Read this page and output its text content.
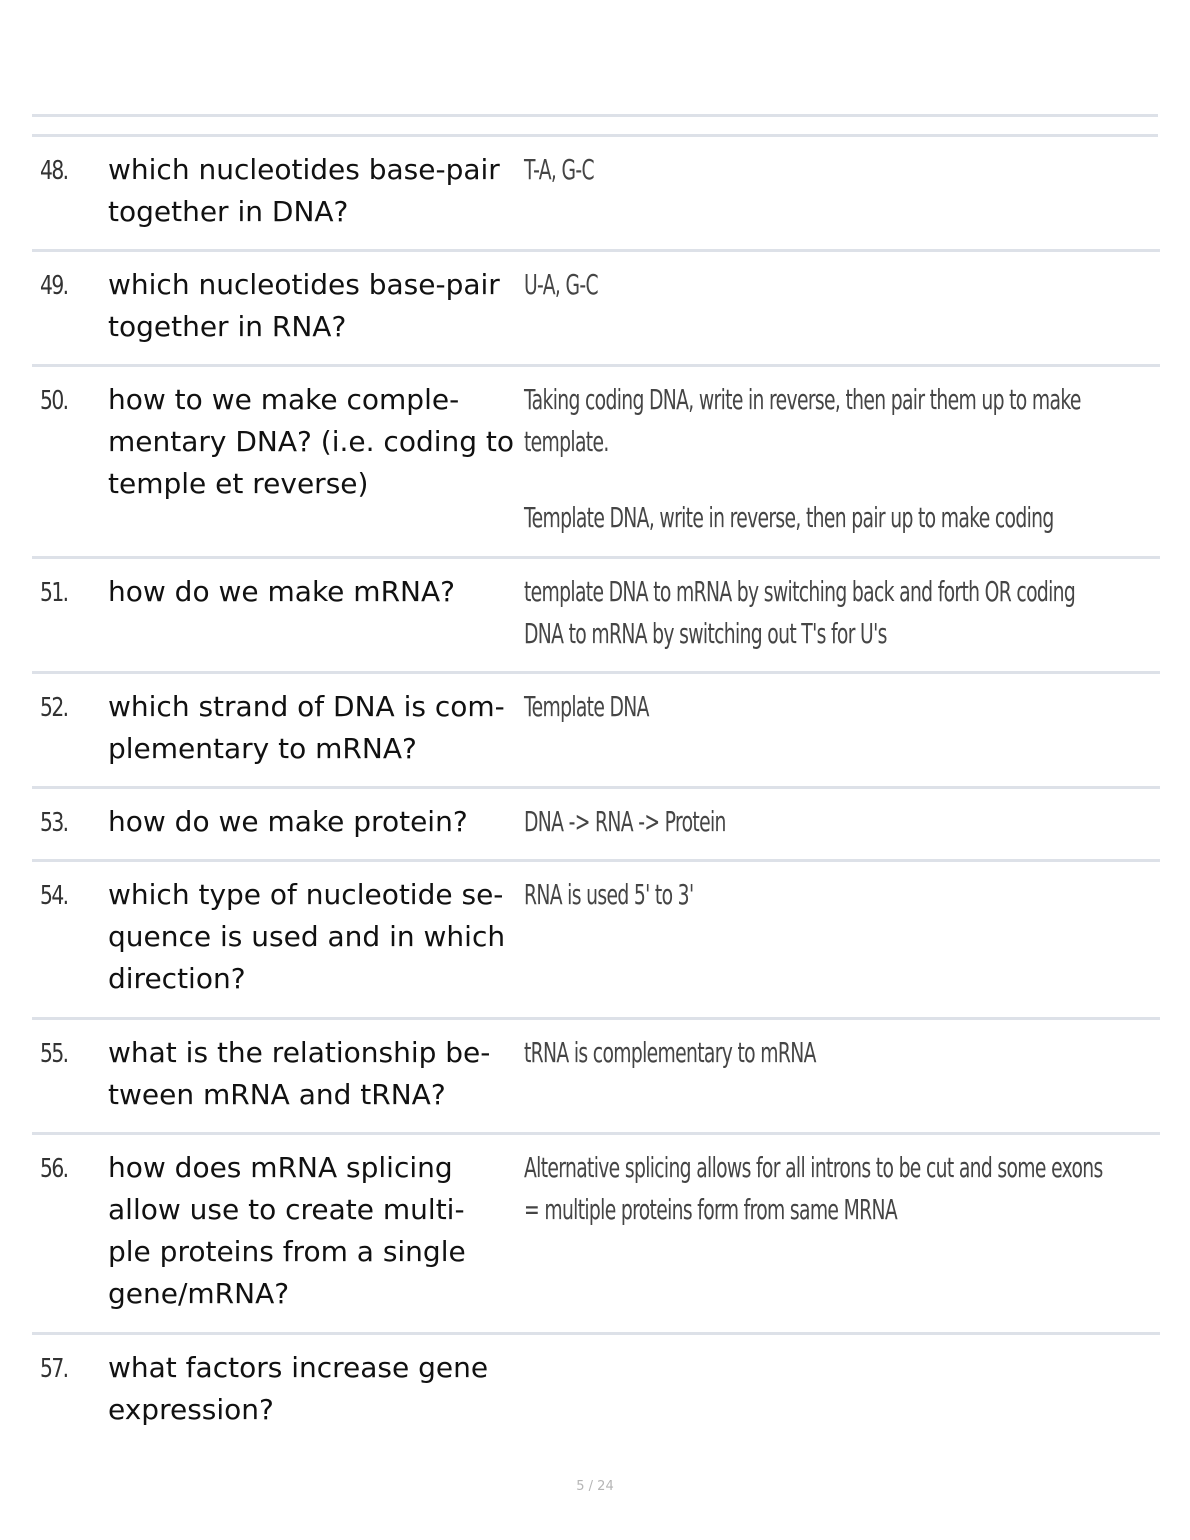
48. which nucleotides base-pair
together in DNA?
T-A, G-C
49. which nucleotides base-pair
together in RNA?
U-A, G-C
50. how to we make comple-
mentary DNA? (i.e. coding to
temple et reverse)
Taking coding DNA, write in reverse, then pair them up to make
template.
Template DNA, write in reverse, then pair up to make coding
51. how do we make mRNA?	template DNA to mRNA by switching back and forth OR coding
DNA to mRNA by switching out T's for U's
52. which strand of DNA is com-
plementary to mRNA?
Template DNA
53. how do we make protein?	DNA -> RNA -> Protein
54. which type of nucleotide se-
quence is used and in which
direction?
RNA is used 5' to 3'
55. what is the relationship be-
tween mRNA and tRNA?
tRNA is complementary to mRNA
56. how does mRNA splicing
allow use to create multi-
ple proteins from a single
gene/mRNA?
Alternative splicing allows for all introns to be cut and some exons
= multiple proteins form from same MRNA
57. what factors increase gene
expression?
5 / 24
